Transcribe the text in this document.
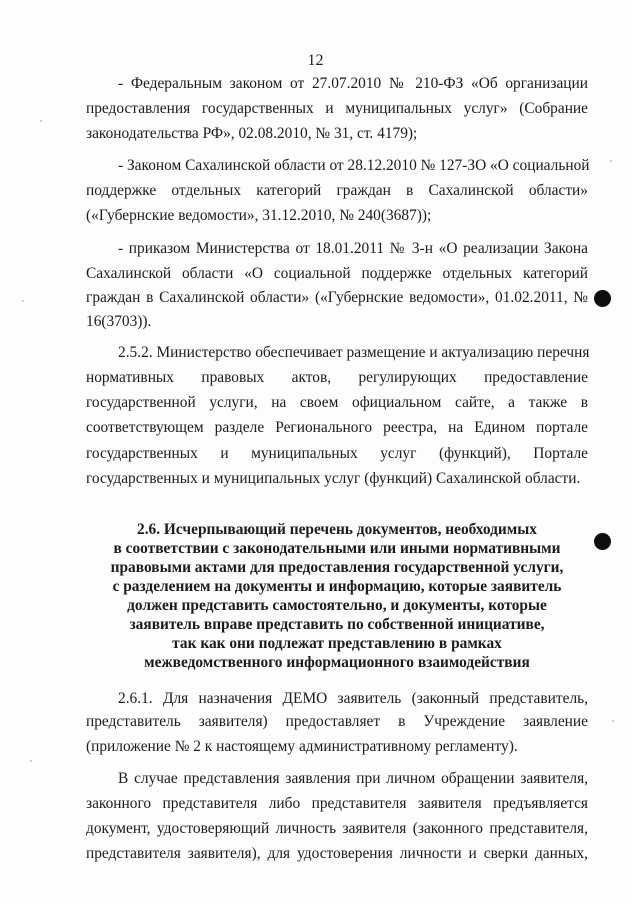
12
- Федеральным законом от 27.07.2010 № 210-ФЗ «Об организации
предоставления государственных и муниципальных услуг» (Собрание
законодательства РФ», 02.08.2010, № 31, ст. 4179);
- Законом Сахалинской области от 28.12.2010 № 127-ЗО «О социальной
поддержке отдельных категорий граждан в Сахалинской области»
(«Губернские ведомости», 31.12.2010, № 240(3687));
- приказом Министерства от 18.01.2011 № 3-н «О реализации Закона
Сахалинской области «О социальной поддержке отдельных категорий
граждан в Сахалинской области» («Губернские ведомости», 01.02.2011, №
16(3703)).
2.5.2. Министерство обеспечивает размещение и актуализацию перечня
нормативных правовых актов, регулирующих предоставление
государственной услуги, на своем официальном сайте, а также в
соответствующем разделе Регионального реестра, на Едином портале
государственных и муниципальных услуг (функций), Портале
государственных и муниципальных услуг (функций) Сахалинской области.
2.6. Исчерпывающий перечень документов, необходимых
в соответствии с законодательными или иными нормативными
правовыми актами для предоставления государственной услуги,
с разделением на документы и информацию, которые заявитель
должен представить самостоятельно, и документы, которые
заявитель вправе представить по собственной инициативе,
так как они подлежат представлению в рамках
межведомственного информационного взаимодействия
2.6.1. Для назначения ДЕМО заявитель (законный представитель,
представитель заявителя) предоставляет в Учреждение заявление
(приложение № 2 к настоящему административному регламенту).
В случае представления заявления при личном обращении заявителя,
законного представителя либо представителя заявителя предъявляется
документ, удостоверяющий личность заявителя (законного представителя,
представителя заявителя), для удостоверения личности и сверки данных,
